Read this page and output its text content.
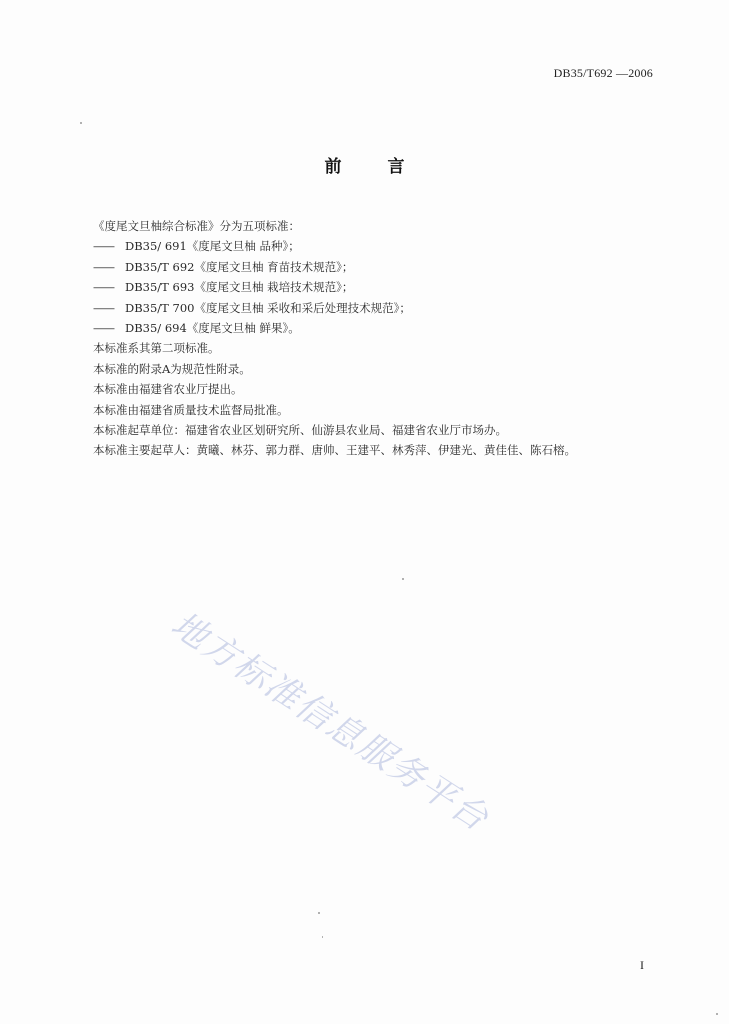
DB35/T692 —2006
前	言
《度尾文旦柚综合标准》分为五项标准：
—— DB35/ 691《度尾文旦柚 品种》；
—— DB35/T 692《度尾文旦柚 育苗技术规范》；
—— DB35/T 693《度尾文旦柚 栽培技术规范》；
—— DB35/T 700《度尾文旦柚 采收和采后处理技术规范》；
—— DB35/ 694《度尾文旦柚 鲜果》。
本标准系其第二项标准。
本标准的附录A为规范性附录。
本标准由福建省农业厅提出。
本标准由福建省质量技术监督局批准。
本标准起草单位：福建省农业区划研究所、仙游县农业局、福建省农业厅市场办。
本标准主要起草人：黄曦、林芬、郭力群、唐帅、王建平、林秀萍、伊建光、黄佳佳、陈石榕。
地方标准信息服务平台
I
